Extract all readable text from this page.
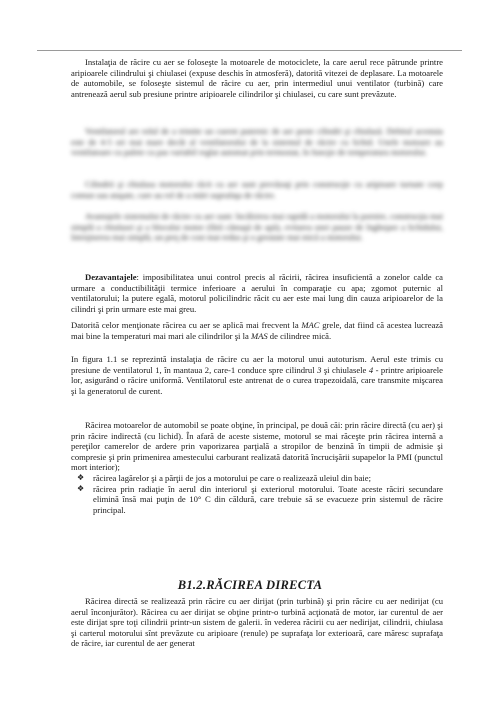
Instalaţia de răcire cu aer se foloseşte la motoarele de motociclete, la care aerul rece pătrunde printre aripioarele cilindrului şi chiulasei (expuse deschis în atmosferă), datorită vitezei de deplasare. La motoarele de automobile, se foloseşte sistemul de răcire cu aer, prin intermediul unui ventilator (turbină) care antrenează aerul sub presiune printre aripioarele cilindrilor şi chiulasei, cu care sunt prevăzute.

Ventilatorul are rolul de a trimite un curent puternic de aer peste cilindri şi chiulasă. Debitul acestuia este de 4-5 ori mai mare decât al ventilatorului de la sistemul de răcire cu lichid. Unele motoare au ventilatoare cu palete cu pas variabil reglat automat prin termostat, în funcţie de temperatura motorului.

Cilindrii şi chiulasa motorului răcit cu aer sunt prevăzuţi prin construcţie cu aripioare turnate corp comun sau ataşate, care au rol de a mări suprafaţa de răcire.

Avantajele sistemului de răcire cu aer sunt: încălzirea mai rapidă a motorului la pornire, construcţia mai simplă a chiulasei şi a blocului motor (fără cămaşă de apă), evitarea unei pauze de îngheţare a lichidului, întreţinerea mai simplă, un preţ de cost mai redus şi o greutate mai mică a motorului.

Dezavantajele: imposibilitatea unui control precis al răcirii, răcirea insuficientă a zonelor calde ca urmare a conductibilităţii termice inferioare a aerului în comparaţie cu apa; zgomot puternic al ventilatorului; la putere egală, motorul policilindric răcit cu aer este mai lung din cauza aripioarelor de la cilindri şi prin urmare este mai greu.

Datorită celor menţionate răcirea cu aer se aplică mai frecvent la MAC grele, dat fiind că acestea lucrează mai bine la temperaturi mai mari ale cilindrilor şi la MAS de cilindree mică.

In figura 1.1 se reprezintă instalaţia de răcire cu aer la motorul unui autoturism. Aerul este trimis cu presiune de ventilatorul 1, în mantaua 2, care-1 conduce spre cilindrul 3 şi chiulasele 4 - printre aripioarele lor, asigurând o răcire uniformă. Ventilatorul este antrenat de o curea trapezoidală, care transmite mişcarea şi la generatorul de curent.

Răcirea motoarelor de automobil se poate obţine, în principal, pe două căi: prin răcire directă (cu aer) şi prin răcire indirectă (cu lichid). În afară de aceste sisteme, motorul se mai răceşte prin răcirea internă a pereţilor camerelor de ardere prin vaporizarea parţială a stropilor de benzină în timpii de admisie şi compresie şi prin primenirea amestecului carburant realizată datorită încrucişării supapelor la PMI (punctul mort interior);

❖ răcirea lagărelor şi a părţii de jos a motorului pe care o realizează uleiul din baie;
❖ răcirea prin radiaţie în aerul din interiorul şi exteriorul motorului. Toate aceste răciri secundare elimină însă mai puţin de 10° C din căldură, care trebuie să se evacueze prin sistemul de răcire principal.
B1.2.RĂCIREA DIRECTA

Răcirea directă se realizează prin răcire cu aer dirijat (prin turbină) şi prin răcire cu aer nedirijat (cu aerul înconjurător). Răcirea cu aer dirijat se obţine printr-o turbină acţionată de motor, iar curentul de aer este dirijat spre toţi cilindrii printr-un sistem de galerii. în vederea răcirii cu aer nedirijat, cilindrii, chiulasa şi carterul motorului sînt prevăzute cu aripioare (renule) pe suprafaţa lor exterioară, care măresc suprafaţa de răcire, iar curentul de aer generat
